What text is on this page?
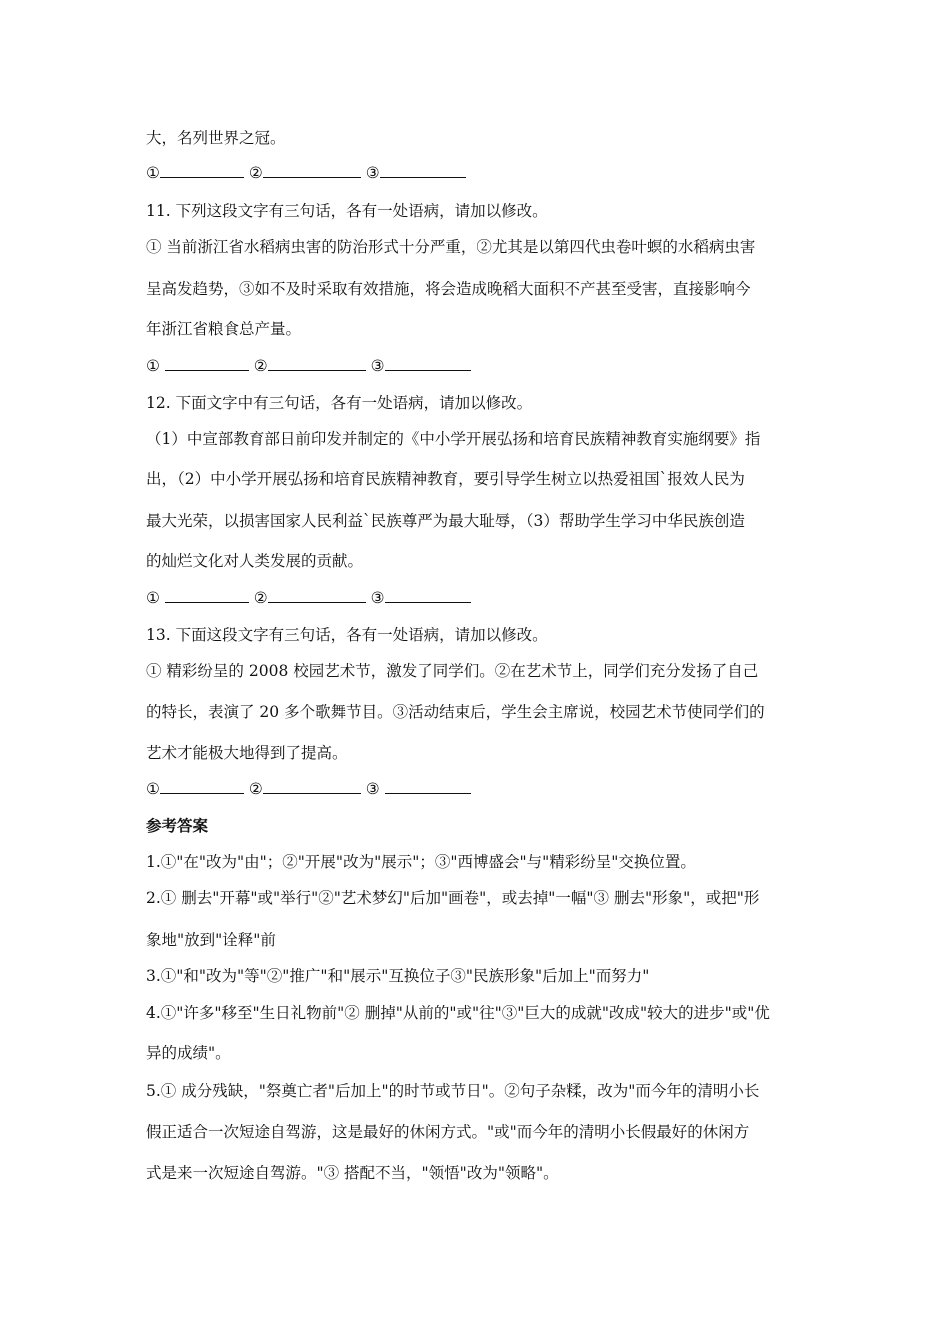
大，名列世界之冠。
①	②	③
11. 下列这段文字有三句话，各有一处语病，请加以修改。
① 当前浙江省水稻病虫害的防治形式十分严重，②尤其是以第四代虫卷叶螟的水稻病虫害
呈高发趋势，③如不及时采取有效措施，将会造成晚稻大面积不产甚至受害，直接影响今
年浙江省粮食总产量。
①	②	③
12. 下面文字中有三句话，各有一处语病，请加以修改。
（1）中宣部教育部日前印发并制定的《中小学开展弘扬和培育民族精神教育实施纲要》指
出，（2）中小学开展弘扬和培育民族精神教育，要引导学生树立以热爱祖国`报效人民为
最大光荣，以损害国家人民利益`民族尊严为最大耻辱，（3）帮助学生学习中华民族创造
的灿烂文化对人类发展的贡献。
①	②	③
13. 下面这段文字有三句话，各有一处语病，请加以修改。
① 精彩纷呈的 2008 校园艺术节，激发了同学们。②在艺术节上，同学们充分发扬了自己
的特长，表演了 20 多个歌舞节目。③活动结束后，学生会主席说，校园艺术节使同学们的
艺术才能极大地得到了提高。
①	②	③
参考答案
1.①"在"改为"由"；②"开展"改为"展示"；③"西博盛会"与"精彩纷呈"交换位置。
2.① 删去"开幕"或"举行"②"艺术梦幻"后加"画卷"，或去掉"一幅"③ 删去"形象"，或把"形
象地"放到"诠释"前
3.①"和"改为"等"②"推广"和"展示"互换位子③"民族形象"后加上"而努力"
4.①"许多"移至"生日礼物前"② 删掉"从前的"或"往"③"巨大的成就"改成"较大的进步"或"优
异的成绩"。
5.① 成分残缺，"祭奠亡者"后加上"的时节或节日"。②句子杂糅，改为"而今年的清明小长
假正适合一次短途自驾游，这是最好的休闲方式。"或"而今年的清明小长假最好的休闲方
式是来一次短途自驾游。"③ 搭配不当，"领悟"改为"领略"。
